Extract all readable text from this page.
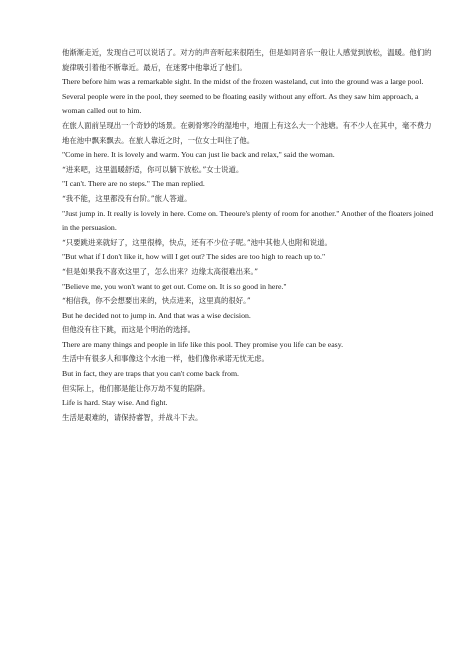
他渐渐走近，发现自己可以说话了。对方的声音听起来很陌生，但是如同音乐一般让人感觉到放松，温暖。他们的旋律吸引着他不断靠近。最后，在迷雾中他靠近了他们。

There before him was a remarkable sight. In the midst of the frozen wasteland, cut into the ground was a large pool. Several people were in the pool, they seemed to be floating easily without any effort. As they saw him approach, a woman called out to him.

在旅人面前呈现出一个奇妙的场景。在刺骨寒冷的湿地中，地面上有这么大一个池塘。有不少人在其中，毫不费力地在池中飘来飘去。在旅人靠近之时，一位女士叫住了他。

"Come in here. It is lovely and warm. You can just lie back and relax," said the woman.

“进来吧，这里温暖舒适，你可以躺下放松。”女士说道。

"I can't. There are no steps." The man replied.

“我不能，这里都没有台阶。”旅人答道。

"Just jump in. It really is lovely in here. Come on. Theoure's plenty of room for another." Another of the floaters joined in the persuasion.

“只要跳进来就好了，这里很棒，快点，还有不少位子呢。”池中其他人也附和说道。

"But what if I don't like it, how will I get out? The sides are too high to reach up to."

“但是如果我不喜欢这里了，怎么出来？边缘太高很难出来。”

"Believe me, you won't want to get out. Come on. It is so good in here."

“相信我，你不会想要出来的，快点进来，这里真的很好。”

But he decided not to jump in. And that was a wise decision.

但他没有往下跳，而这是个明治的选择。

There are many things and people in life like this pool. They promise you life can be easy.

生活中有很多人和事像这个水池一样，他们像你承诺无忧无虑。

But in fact, they are traps that you can't come back from.

但实际上，他们都是能让你万劫不复的陷阱。

Life is hard. Stay wise. And fight.

生活是艰难的，请保持睿智，并战斗下去。
